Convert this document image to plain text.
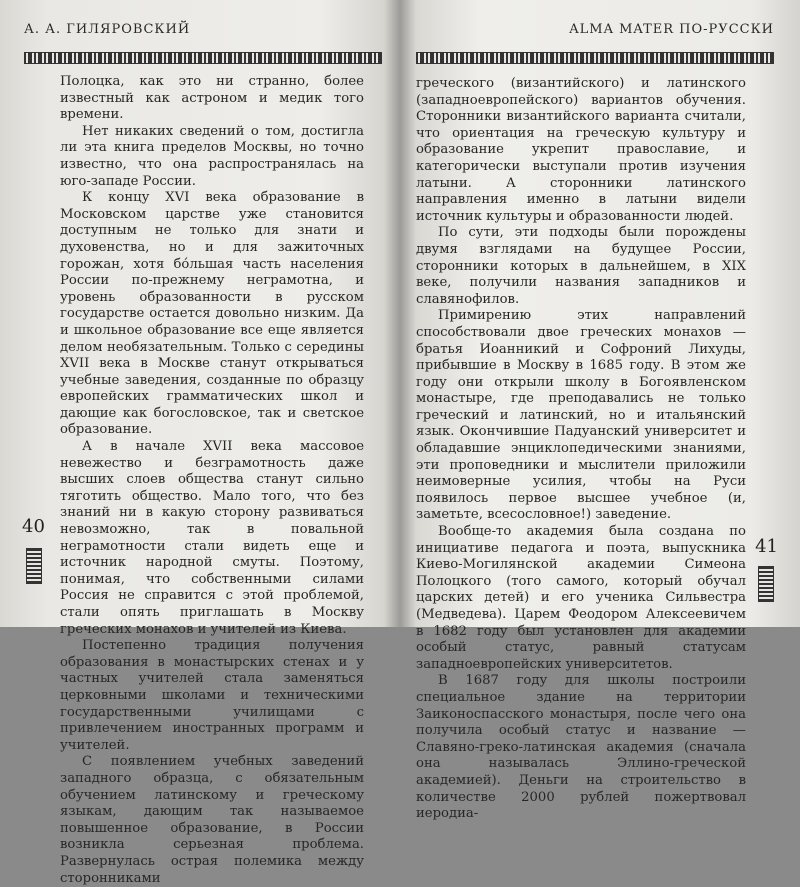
А. А. ГИЛЯРОВСКИЙ

Полоцка, как это ни странно, более известный как астроном и медик того времени.

Нет никаких сведений о том, достигла ли эта книга пределов Москвы, но точно известно, что она распространялась на юго-западе России.

К концу XVI века образование в Московском царстве уже становится доступным не только для знати и духовенства, но и для зажиточных горожан, хотя бо́льшая часть населения России по-прежнему неграмотна, и уровень образованности в русском государстве остается довольно низким. Да и школьное образование все еще является делом необязательным. Только с середины XVII века в Москве станут открываться учебные заведения, созданные по образцу европейских грамматических школ и дающие как богословское, так и светское образование.

А в начале XVII века массовое невежество и безграмотность даже высших слоев общества станут сильно тяготить общество. Мало того, что без знаний ни в какую сторону развиваться невозможно, так в повальной неграмотности стали видеть еще и источник народной смуты. Поэтому, понимая, что собственными силами Россия не справится с этой проблемой, стали опять приглашать в Москву греческих монахов и учителей из Киева.

Постепенно традиция получения образования в монастырских стенах и у частных учителей стала заменяться церковными школами и техническими государственными училищами с привлечением иностранных программ и учителей.

С появлением учебных заведений западного образца, с обязательным обучением латинскому и греческому языкам, дающим так называемое повышенное образование, в России возникла серьезная проблема. Развернулась острая полемика между сторонниками

40
ALMA MATER ПО-РУССКИ

греческого (византийского) и латинского (западноевропейского) вариантов обучения. Сторонники византийского варианта считали, что ориентация на греческую культуру и образование укрепит православие, и категорически выступали против изучения латыни. А сторонники латинского направления именно в латыни видели источник культуры и образованности людей.

По сути, эти подходы были порождены двумя взглядами на будущее России, сторонники которых в дальнейшем, в XIX веке, получили названия западников и славянофилов.

Примирению этих направлений способствовали двое греческих монахов — братья Иоанникий и Софроний Лихуды, прибывшие в Москву в 1685 году. В этом же году они открыли школу в Богоявленском монастыре, где преподавались не только греческий и латинский, но и итальянский язык. Окончившие Падуанский университет и обладавшие энциклопедическими знаниями, эти проповедники и мыслители приложили неимоверные усилия, чтобы на Руси появилось первое высшее учебное (и, заметьте, всесословное!) заведение.

Вообще-то академия была создана по инициативе педагога и поэта, выпускника Киево-Могилянской академии Симеона Полоцкого (того самого, который обучал царских детей) и его ученика Сильвестра (Медведева). Царем Феодором Алексеевичем в 1682 году был установлен для академии особый статус, равный статусам западноевропейских университетов.

В 1687 году для школы построили специальное здание на территории Заиконоспасского монастыря, после чего она получила особый статус и название — Славяно-греко-латинская академия (сначала она называлась Эллино-греческой академией). Деньги на строительство в количестве 2000 рублей пожертвовал иеродиа-

41
